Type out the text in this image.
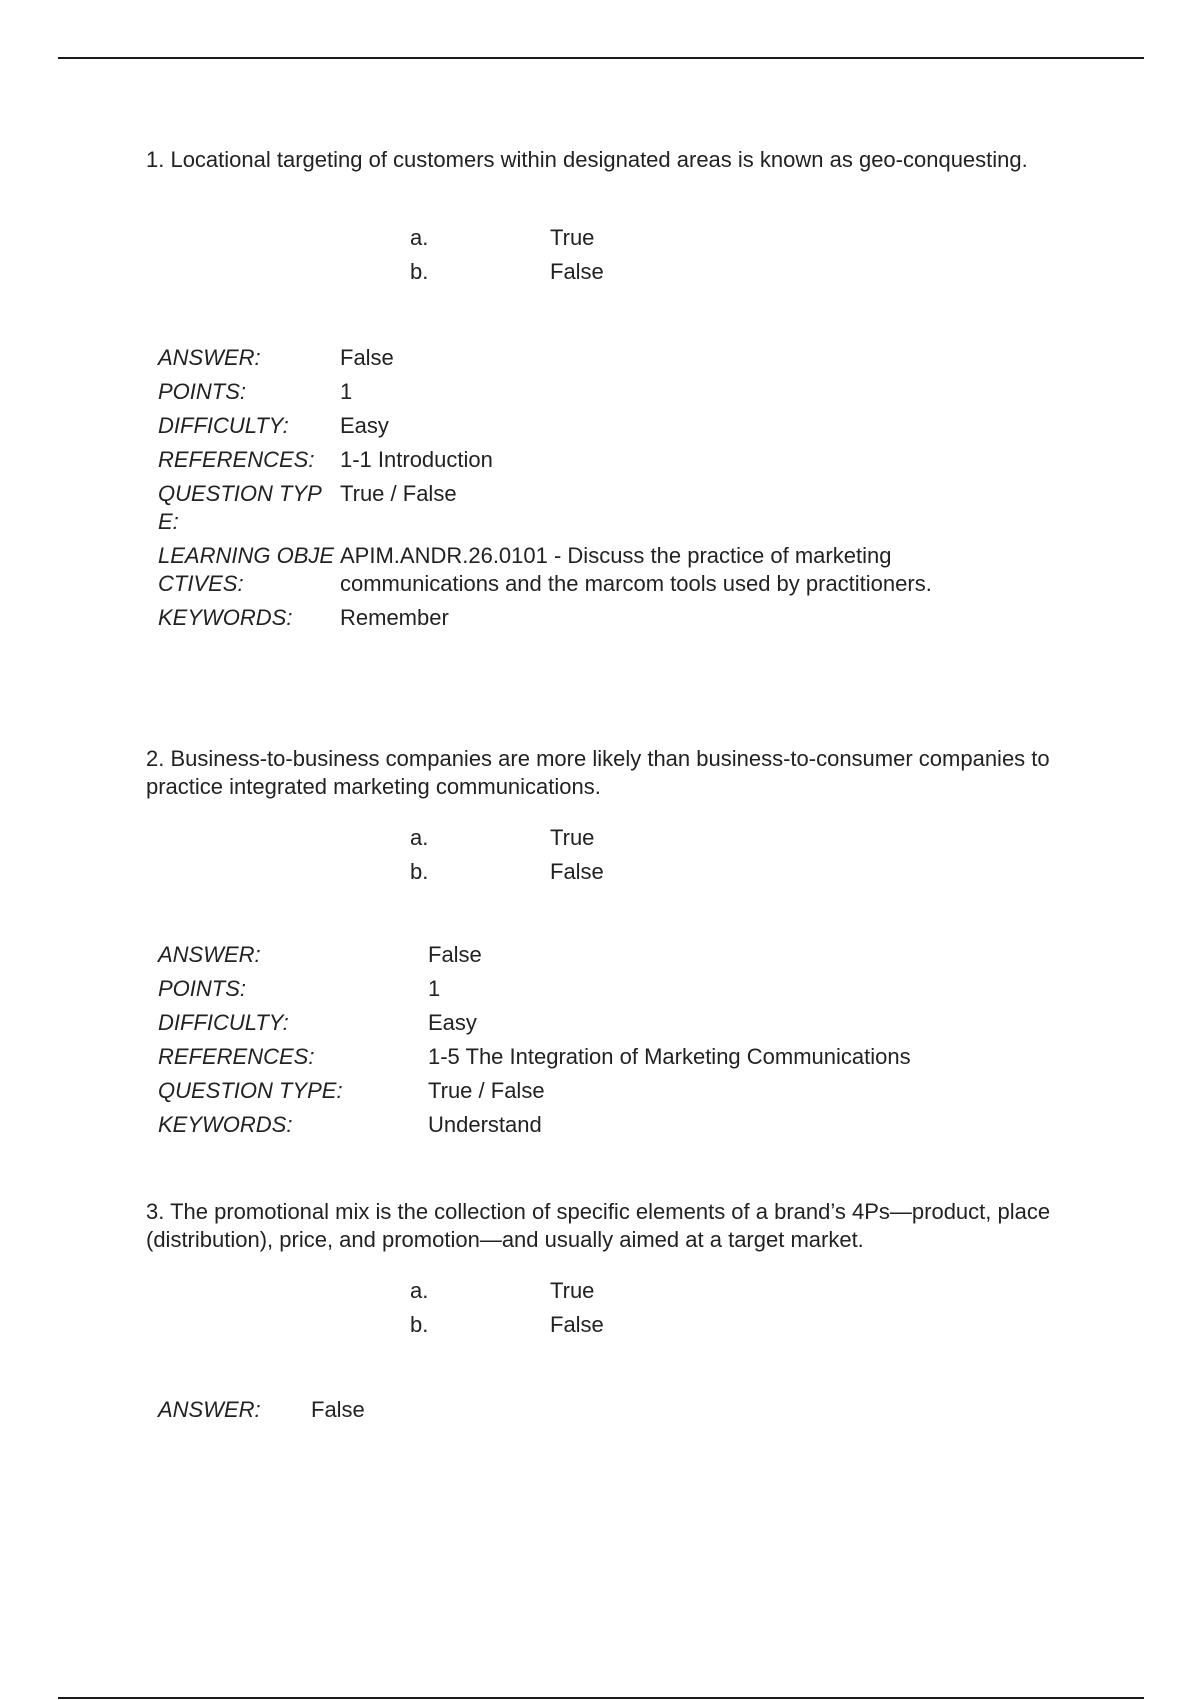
1. Locational targeting of customers within designated areas is known as geo-conquesting.

a.	True
b.	False
ANSWER:	False
POINTS:	1
DIFFICULTY:	Easy
REFERENCES:	1-1 Introduction
QUESTION TYPE:	True / False
LEARNING OBJECTIVES:	APIM.ANDR.26.0101 - Discuss the practice of marketing communications and the marcom tools used by practitioners.
KEYWORDS:	Remember

2. Business-to-business companies are more likely than business-to-consumer companies to practice integrated marketing communications.

a.	True
b.	False
ANSWER:	False
POINTS:	1
DIFFICULTY:	Easy
REFERENCES:	1-5 The Integration of Marketing Communications
QUESTION TYPE:	True / False
KEYWORDS:	Understand

3. The promotional mix is the collection of specific elements of a brand’s 4Ps—product, place (distribution), price, and promotion—and usually aimed at a target market.

a.	True
b.	False
ANSWER:	False
